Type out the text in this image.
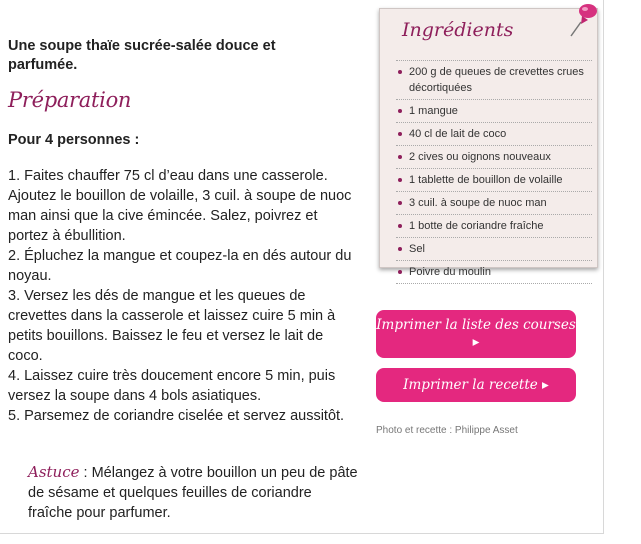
Une soupe thaïe sucrée-salée douce et parfumée.
Préparation
Pour 4 personnes :
1. Faites chauffer 75 cl d’eau dans une casserole. Ajoutez le bouillon de volaille, 3 cuil. à soupe de nuoc man ainsi que la cive émincée. Salez, poivrez et portez à ébullition.
2. Épluchez la mangue et coupez-la en dés autour du noyau.
3. Versez les dés de mangue et les queues de crevettes dans la casserole et laissez cuire 5 min à petits bouillons. Baissez le feu et versez le lait de coco.
4. Laissez cuire très doucement encore 5 min, puis versez la soupe dans 4 bols asiatiques.
5. Parsemez de coriandre ciselée et servez aussitôt.
Astuce : Mélangez à votre bouillon un peu de pâte de sésame et quelques feuilles de coriandre fraîche pour parfumer.
Ingrédients
200 g de queues de crevettes crues décortiquées
1 mangue
40 cl de lait de coco
2 cives ou oignons nouveaux
1 tablette de bouillon de volaille
3 cuil. à soupe de nuoc man
1 botte de coriandre fraîche
Sel
Poivre du moulin
Imprimer la liste des courses ▸
Imprimer la recette ▸
Photo et recette : Philippe Asset
